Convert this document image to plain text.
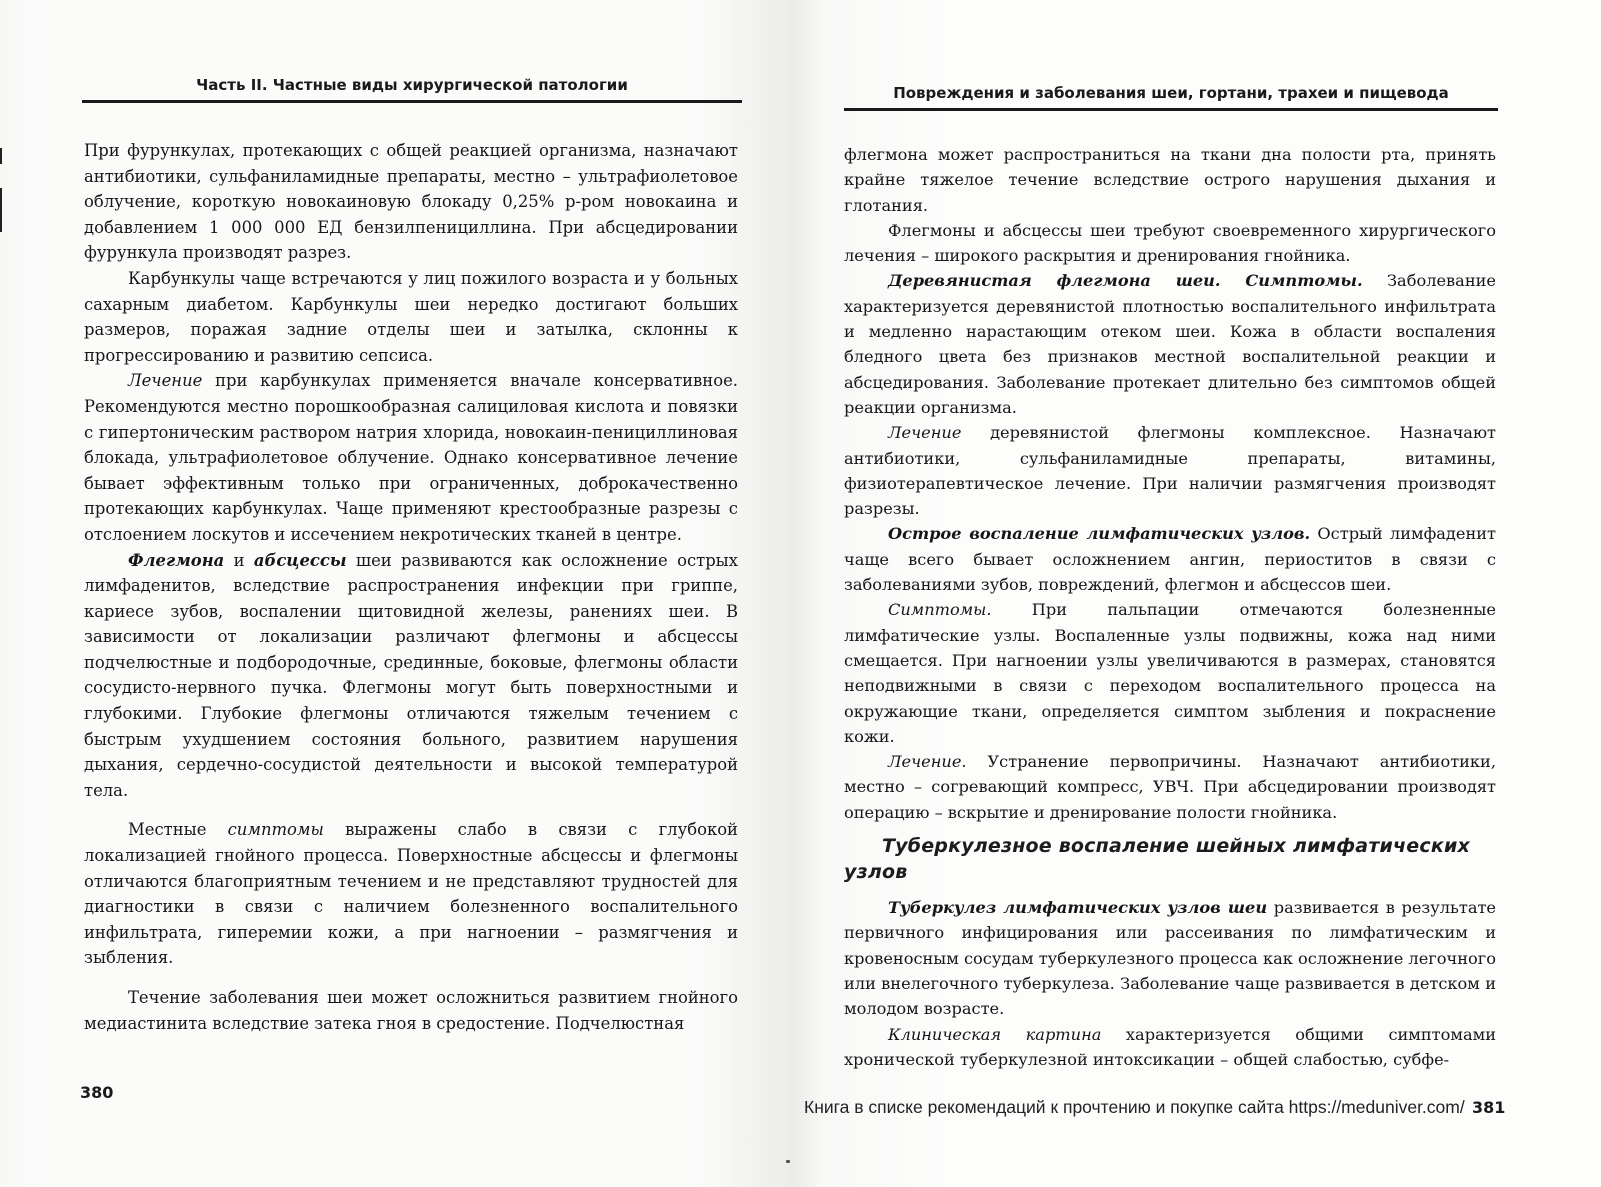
Часть II. Частные виды хирургической патологии

При фурункулах, протекающих с общей реакцией организма, назначают антибиотики, сульфаниламидные препараты, местно – ультрафиолетовое облучение, короткую новокаиновую блокаду 0,25% р-ром новокаина и добавлением 1 000 000 ЕД бензилпенициллина. При абсцедировании фурункула производят разрез.

Карбункулы чаще встречаются у лиц пожилого возраста и у больных сахарным диабетом. Карбункулы шеи нередко достигают больших размеров, поражая задние отделы шеи и затылка, склонны к прогрессированию и развитию сепсиса.

Лечение при карбункулах применяется вначале консервативное. Рекомендуются местно порошкообразная салициловая кислота и повязки с гипертоническим раствором натрия хлорида, новокаин-пенициллиновая блокада, ультрафиолетовое облучение. Однако консервативное лечение бывает эффективным только при ограниченных, доброкачественно протекающих карбункулах. Чаще применяют крестообразные разрезы с отслоением лоскутов и иссечением некротических тканей в центре.

Флегмона и абсцессы шеи развиваются как осложнение острых лимфаденитов, вследствие распространения инфекции при гриппе, кариесе зубов, воспалении щитовидной железы, ранениях шеи. В зависимости от локализации различают флегмоны и абсцессы подчелюстные и подбородочные, срединные, боковые, флегмоны области сосудисто-нервного пучка. Флегмоны могут быть поверхностными и глубокими. Глубокие флегмоны отличаются тяжелым течением с быстрым ухудшением состояния больного, развитием нарушения дыхания, сердечно-сосудистой деятельности и высокой температурой тела.

Местные симптомы выражены слабо в связи с глубокой локализацией гнойного процесса. Поверхностные абсцессы и флегмоны отличаются благоприятным течением и не представляют трудностей для диагностики в связи с наличием болезненного воспалительного инфильтрата, гиперемии кожи, а при нагноении – размягчения и зыбления.

Течение заболевания шеи может осложниться развитием гнойного медиастинита вследствие затека гноя в средостение. Подчелюстная

380
Повреждения и заболевания шеи, гортани, трахеи и пищевода

флегмона может распространиться на ткани дна полости рта, принять крайне тяжелое течение вследствие острого нарушения дыхания и глотания.

Флегмоны и абсцессы шеи требуют своевременного хирургического лечения – широкого раскрытия и дренирования гнойника.

Деревянистая флегмона шеи. Симптомы. Заболевание характеризуется деревянистой плотностью воспалительного инфильтрата и медленно нарастающим отеком шеи. Кожа в области воспаления бледного цвета без признаков местной воспалительной реакции и абсцедирования. Заболевание протекает длительно без симптомов общей реакции организма.

Лечение деревянистой флегмоны комплексное. Назначают антибиотики, сульфаниламидные препараты, витамины, физиотерапевтическое лечение. При наличии размягчения производят разрезы.

Острое воспаление лимфатических узлов. Острый лимфаденит чаще всего бывает осложнением ангин, периоститов в связи с заболеваниями зубов, повреждений, флегмон и абсцессов шеи.

Симптомы. При пальпации отмечаются болезненные лимфатические узлы. Воспаленные узлы подвижны, кожа над ними смещается. При нагноении узлы увеличиваются в размерах, становятся неподвижными в связи с переходом воспалительного процесса на окружающие ткани, определяется симптом зыбления и покраснение кожи.

Лечение. Устранение первопричины. Назначают антибиотики, местно – согревающий компресс, УВЧ. При абсцедировании производят операцию – вскрытие и дренирование полости гнойника.

Туберкулезное воспаление шейных лимфатических узлов

Туберкулез лимфатических узлов шеи развивается в результате первичного инфицирования или рассеивания по лимфатическим и кровеносным сосудам туберкулезного процесса как осложнение легочного или внелегочного туберкулеза. Заболевание чаще развивается в детском и молодом возрасте.

Клиническая картина характеризуется общими симптомами хронической туберкулезной интоксикации – общей слабостью, субфе-

381
Книга в списке рекомендаций к прочтению и покупке сайта https://meduniver.com/
